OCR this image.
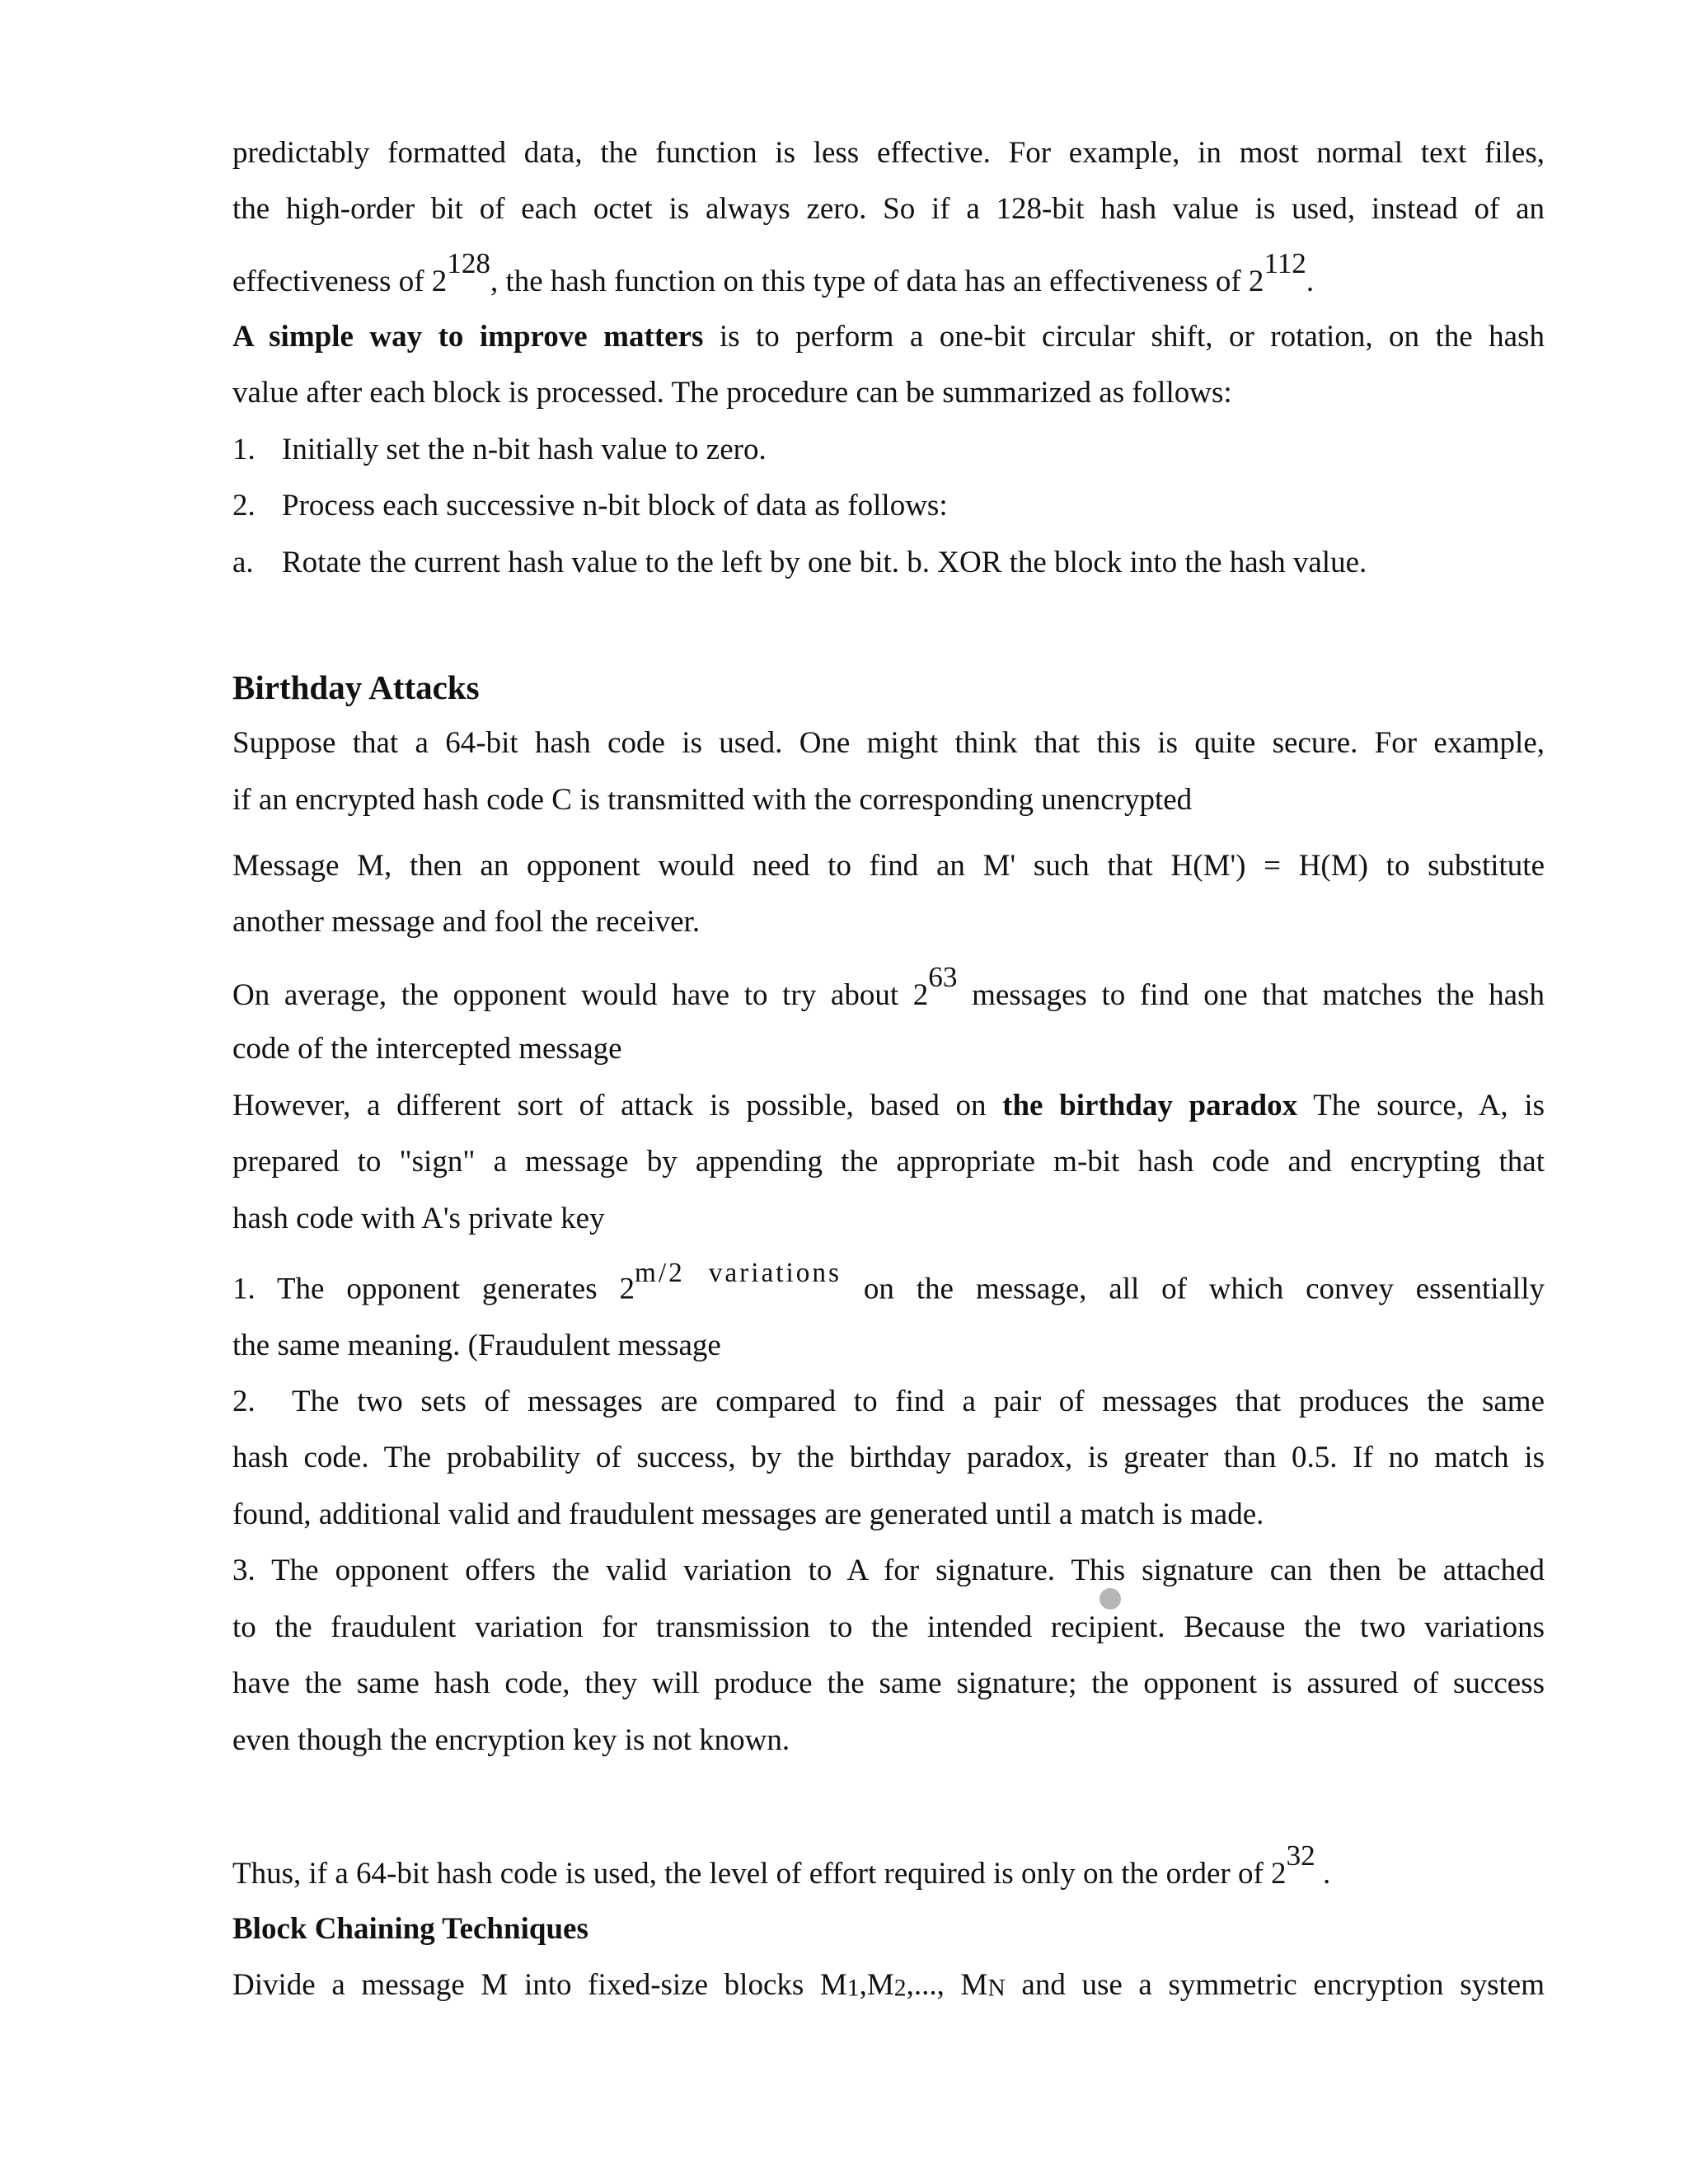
predictably formatted data, the function is less effective. For example, in most normal text files,
the high-order bit of each octet is always zero. So if a 128-bit hash value is used, instead of an
effectiveness of $2^{128}$, the hash function on this type of data has an effectiveness of $2^{112}$.
A simple way to improve matters is to perform a one-bit circular shift, or rotation, on the hash
value after each block is processed. The procedure can be summarized as follows:
1. Initially set the n-bit hash value to zero.
2. Process each successive n-bit block of data as follows:
a. Rotate the current hash value to the left by one bit. b. XOR the block into the hash value.
Birthday Attacks
Suppose that a 64-bit hash code is used. One might think that this is quite secure. For example,
if an encrypted hash code C is transmitted with the corresponding unencrypted
Message M, then an opponent would need to find an M' such that H(M') = H(M) to substitute
another message and fool the receiver.
On average, the opponent would have to try about $2^{63}$ messages to find one that matches the hash
code of the intercepted message
However, a different sort of attack is possible, based on the birthday paradox The source, A, is
prepared to "sign" a message by appending the appropriate m-bit hash code and encrypting that
hash code with A's private key
1. The opponent generates $2^{m/2 variations}$ on the message, all of which convey essentially
the same meaning. (Fraudulent message
2. The two sets of messages are compared to find a pair of messages that produces the same
hash code. The probability of success, by the birthday paradox, is greater than 0.5. If no match is
found, additional valid and fraudulent messages are generated until a match is made.
3. The opponent offers the valid variation to A for signature. This signature can then be attached
to the fraudulent variation for transmission to the intended recipient. Because the two variations
have the same hash code, they will produce the same signature; the opponent is assured of success
even though the encryption key is not known.
Thus, if a 64-bit hash code is used, the level of effort required is only on the order of $2^{32}$ .
Block Chaining Techniques
Divide a message M into fixed-size blocks $M_1,M_2$,..., $M_N$ and use a symmetric encryption system
